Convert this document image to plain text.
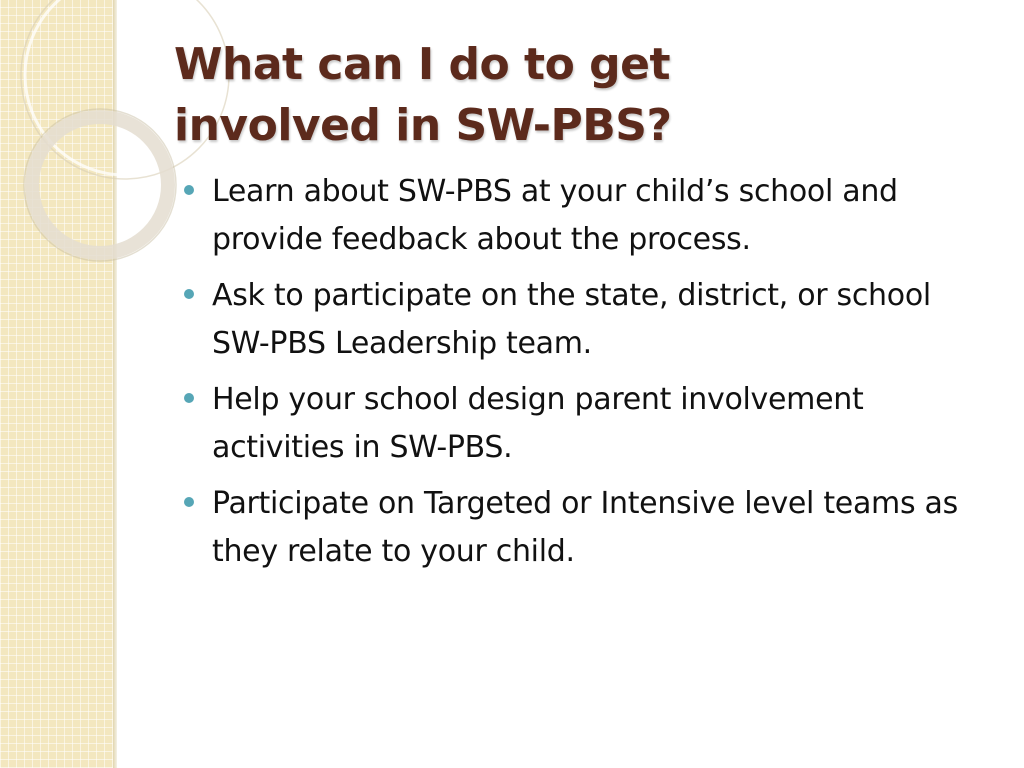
What can I do to get
involved in SW-PBS?
Learn about SW-PBS at your child’s school and provide feedback about the process.
Ask to participate on the state, district, or school SW-PBS Leadership team.
Help your school design parent involvement activities in SW-PBS.
Participate on Targeted or Intensive level teams as they relate to your child.
